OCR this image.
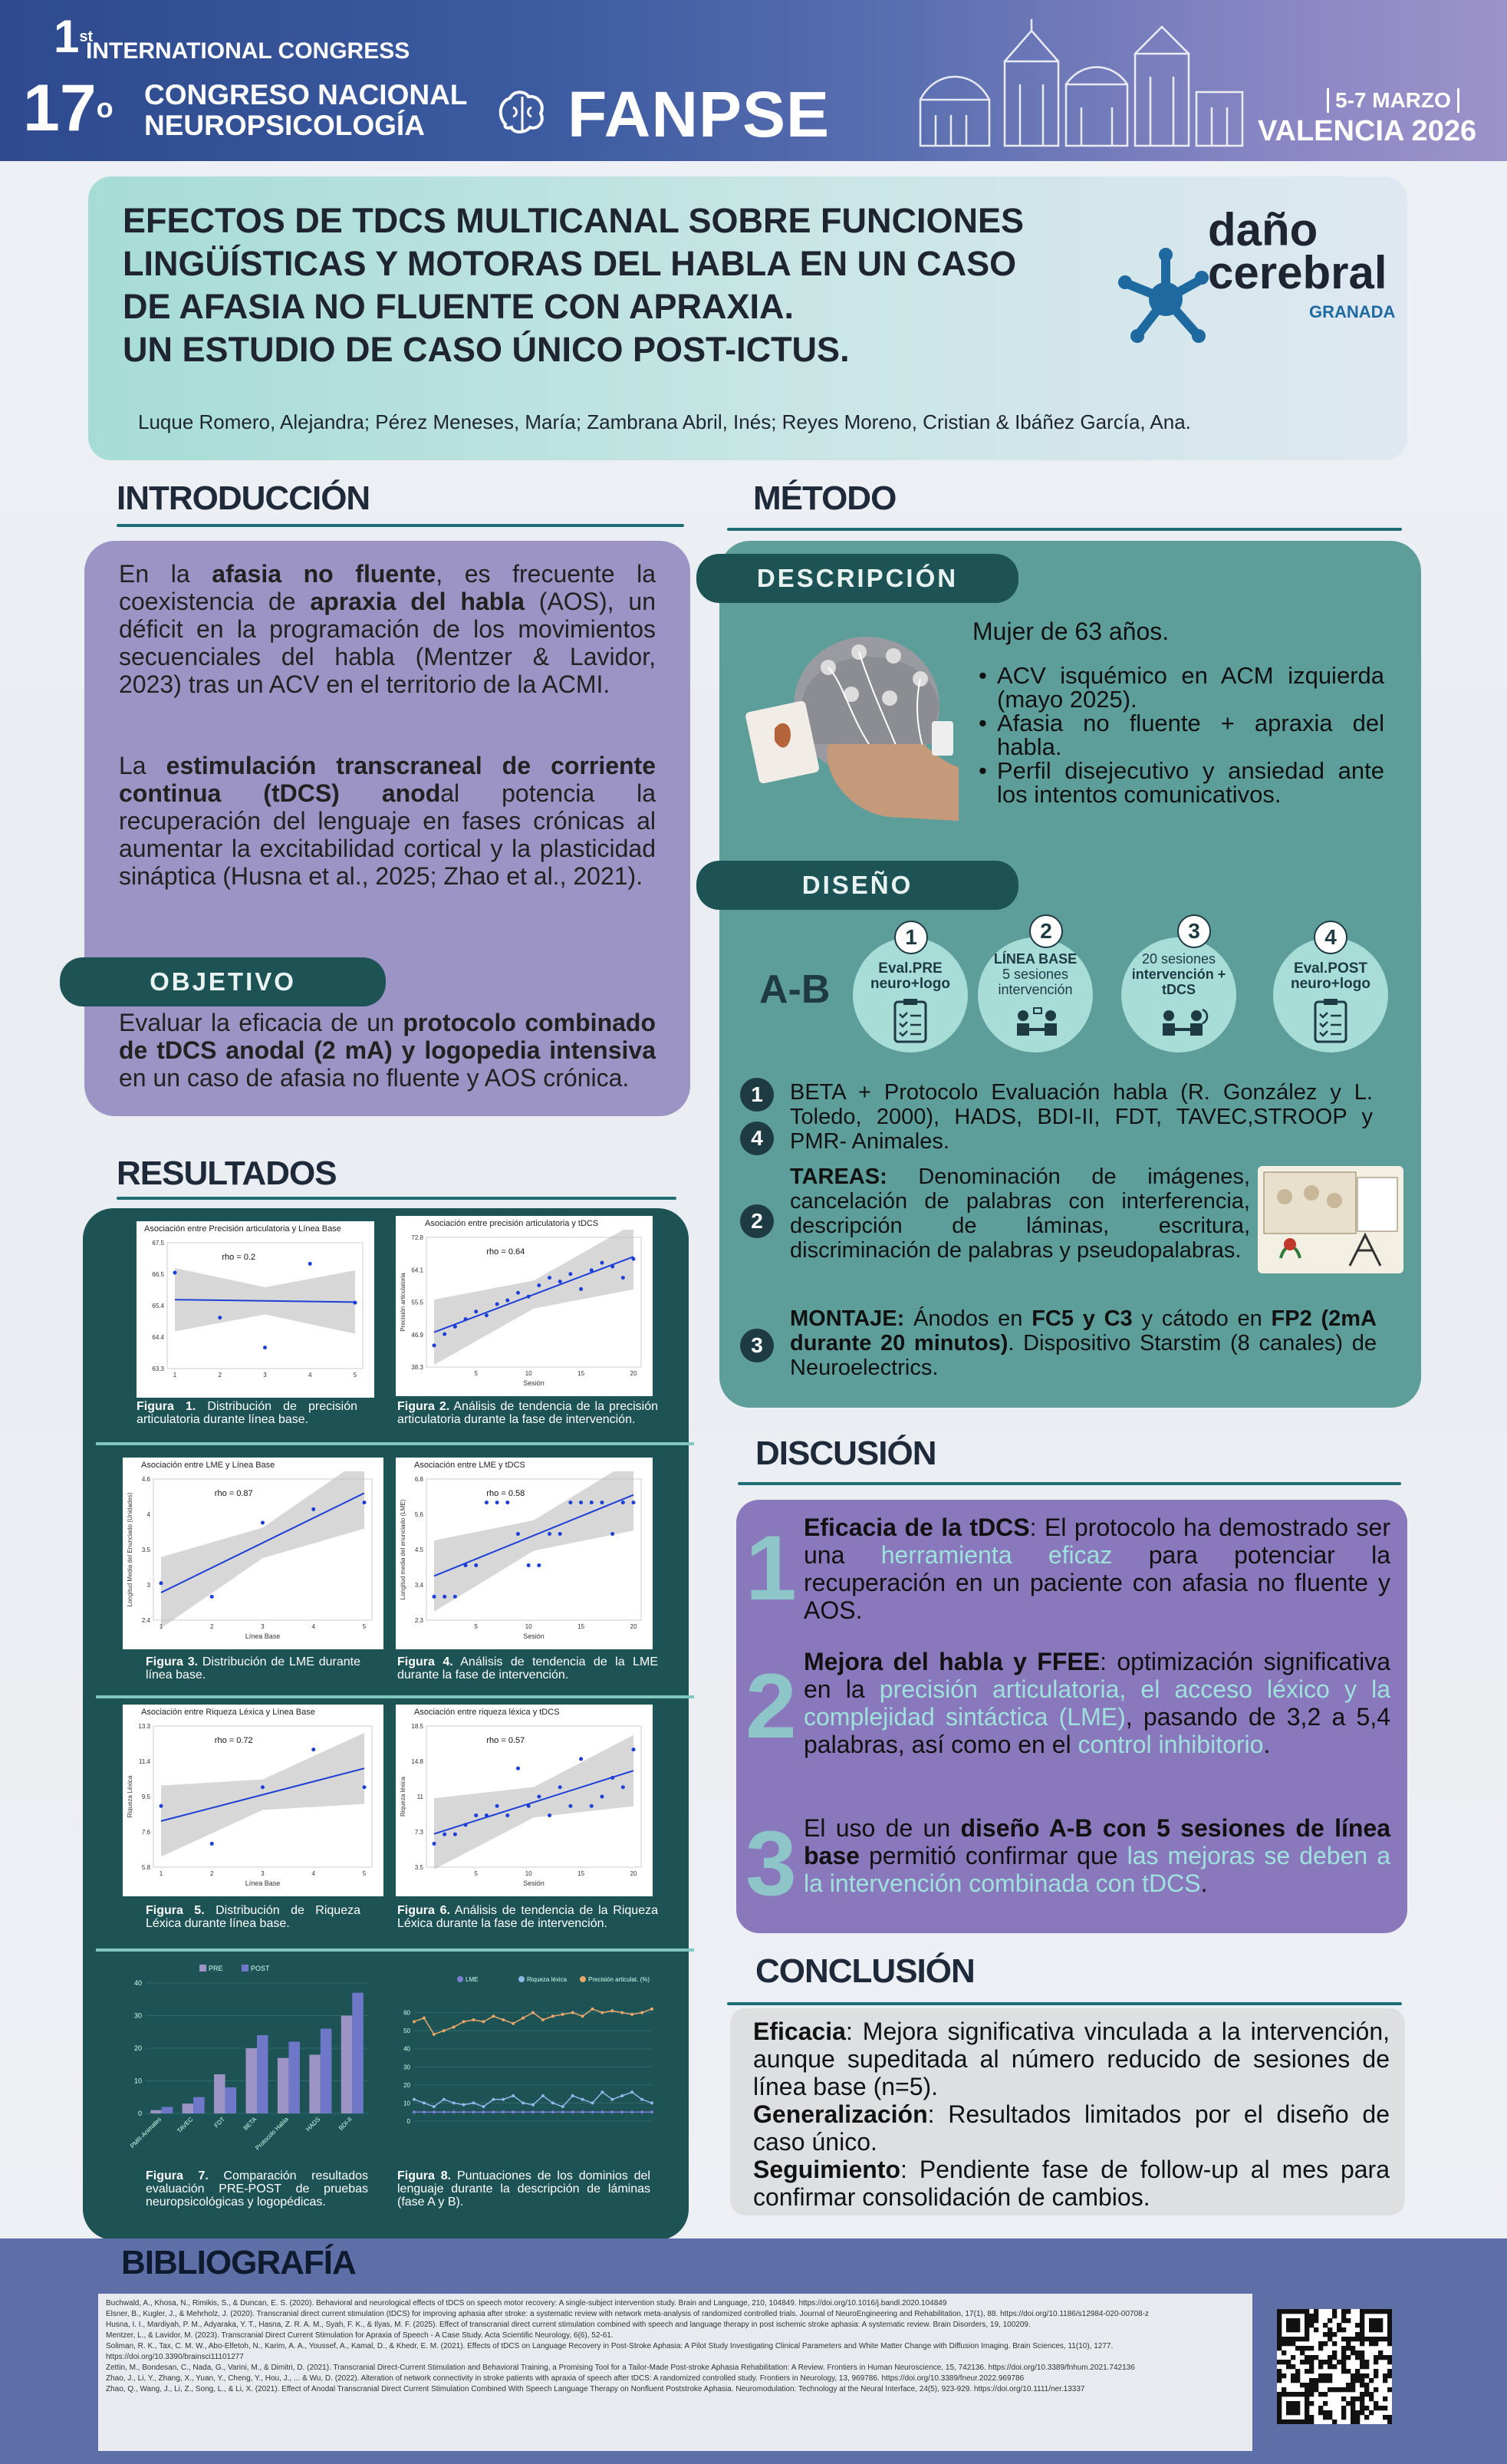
1st
INTERNATIONAL CONGRESS
17$^o$ CONGRESO NACIONAL
NEUROPSICOLOGÍA FANPSE	5-7 MARZO
VALENCIA 2026
EFECTOS DE TDCS MULTICANAL SOBRE FUNCIONES
LINGÜÍSTICAS Y MOTORAS DEL HABLA EN UN CASO
DE AFASIA NO FLUENTE CON APRAXIA.
UN ESTUDIO DE CASO ÚNICO POST-ICTUS.
Luque Romero, Alejandra; Pérez Meneses, María; Zambrana Abril, Inés; Reyes Moreno, Cristian & Ibáñez García, Ana.
daño
cerebral
GRANADA
INTRODUCCIÓN
En la afasia no fluente, es frecuente la coexistencia de apraxia del habla (AOS), un déficit en la programación de los movimientos secuenciales del habla (Mentzer & Lavidor, 2023) tras un ACV en el territorio de la ACMI.
La estimulación transcraneal de corriente continua (tDCS) anodal potencia la recuperación del lenguaje en fases crónicas al aumentar la excitabilidad cortical y la plasticidad sináptica (Husna et al., 2025; Zhao et al., 2021).
Evaluar la eficacia de un protocolo combinado de tDCS anodal (2 mA) y logopedia intensiva en un caso de afasia no fluente y AOS crónica.
OBJETIVO
MÉTODO
DESCRIPCIÓN
Mujer de 63 años.
• ACV isquémico en ACM izquierda (mayo 2025).
• Afasia no fluente + apraxia del habla.
• Perfil disejecutivo y ansiedad ante los intentos comunicativos.
DISEÑO
A-B
1	2	3	4
Eval.PRE
neuro+logo
LÍNEA BASE
5 sesiones intervención
20 sesiones
intervención + tDCS
Eval.POST
neuro+logo
1
4
BETA + Protocolo Evaluación habla (R. González y L. Toledo, 2000), HADS, BDI-II, FDT, TAVEC,STROOP y PMR- Animales.
2
TAREAS: Denominación de imágenes, cancelación de palabras con interferencia, descripción de láminas, escritura, discriminación de palabras y pseudopalabras.
3
MONTAJE: Ánodos en FC5 y C3 y cátodo en FP2 (2mA durante 20 minutos). Dispositivo Starstim (8 canales) de Neuroelectrics.
RESULTADOS
Asociación entre Precisión articulatoria y Línea Base
63.3
64.4
65.4
66.5
67.5
1	2	3	4	5
rho = 0.2
Asociación entre precisión articulatoria y tDCS
38.3
46.9
55.5
64.1
72.8
5	10	15	20
Sesión
Precisión articulatoria
rho = 0.64
Figura 1. Distribución de precisión articulatoria durante línea base.
Figura 2. Análisis de tendencia de la precisión articulatoria durante la fase de intervención.
Asociación entre LME y Línea Base
2.4
3
3.5
4
4.6
1	2	3	4	5
Línea Base
Longitud Media del Enunciado (Unidades)	rho = 0.87
Asociación entre LME y tDCS
2.3
3.4
4.5
5.6
6.8
5	10	15	20
Sesión
Longitud media del enunciado (LME)
rho = 0.58
Figura 3. Distribución de LME durante línea base.
Figura 4. Análisis de tendencia de la LME durante la fase de intervención.
Asociación entre Riqueza Léxica y Línea Base
5.8
7.6
9.5
11.4
13.3
1	2	3	4	5
Línea Base
Riqueza Léxica
rho = 0.72
Asociación entre riqueza léxica y tDCS
3.5
7.3
11
14.8
18.5
5	10	15	20
Sesión
Riqueza léxica
rho = 0.57
Figura 5. Distribución de Riqueza Léxica durante línea base.
Figura 6. Análisis de tendencia de la Riqueza Léxica durante la fase de intervención.
0
10
20
30
40
PRE	POST
PMR-Animales TAVEC	FDT	BETA
Protocolo Habla HADS	BDI-II	0
10
20
30
40
50
60
LME	Riqueza léxica	Precisión articulat. (%)
Figura 7. Comparación resultados evaluación PRE-POST de pruebas neuropsicológicas y logopédicas.
Figura 8. Puntuaciones de los dominios del lenguaje durante la descripción de láminas (fase A y B).
DISCUSIÓN
1 Eficacia de la tDCS: El protocolo ha demostrado ser una herramienta eficaz para potenciar la recuperación en un paciente con afasia no fluente y AOS.
2 Mejora del habla y FFEE: optimización significativa en la precisión articulatoria, el acceso léxico y la complejidad sintáctica (LME), pasando de 3,2 a 5,4 palabras, así como en el control inhibitorio.
3 El uso de un diseño A-B con 5 sesiones de línea base permitió confirmar que las mejoras se deben a la intervención combinada con tDCS.
CONCLUSIÓN
Eficacia: Mejora significativa vinculada a la intervención, aunque supeditada al número reducido de sesiones de línea base (n=5).
Generalización: Resultados limitados por el diseño de caso único.
Seguimiento: Pendiente fase de follow-up al mes para confirmar consolidación de cambios.
BIBLIOGRAFÍA

Buchwald, A., Khosa, N., Rimikis, S., & Duncan, E. S. (2020). Behavioral and neurological effects of tDCS on speech motor recovery: A single-subject intervention study. Brain and Language, 210, 104849. https://doi.org/10.1016/j.bandl.2020.104849

Elsner, B., Kugler, J., & Mehrholz, J. (2020). Transcranial direct current stimulation (tDCS) for improving aphasia after stroke: a systematic review with network meta-analysis of randomized controlled trials. Journal of NeuroEngineering and Rehabilitation, 17(1), 88. https://doi.org/10.1186/s12984-020-00708-z

Husna, I. I., Mardiyah, P. M., Adyaraka, Y. T., Hasna, Z. R. A. M., Syah, F. K., & Ilyas, M. F. (2025). Effect of transcranial direct current stimulation combined with speech and language therapy in post ischemic stroke aphasia: A systematic review. Brain Disorders, 19, 100209.

Mentzer, L., & Lavidor, M. (2023). Transcranial Direct Current Stimulation for Apraxia of Speech - A Case Study. Acta Scientific Neurology, 6(6), 52-61.

Soliman, R. K., Tax, C. M. W., Abo-Elfetoh, N., Karim, A. A., Youssef, A., Kamal, D., & Khedr, E. M. (2021). Effects of tDCS on Language Recovery in Post-Stroke Aphasia: A Pilot Study Investigating Clinical Parameters and White Matter Change with Diffusion Imaging. Brain Sciences, 11(10), 1277. https://doi.org/10.3390/brainsci11101277

Zettin, M., Bondesan, C., Nada, G., Varini, M., & Dimitri, D. (2021). Transcranial Direct-Current Stimulation and Behavioral Training, a Promising Tool for a Tailor-Made Post-stroke Aphasia Rehabilitation: A Review. Frontiers in Human Neuroscience, 15, 742136. https://doi.org/10.3389/fnhum.2021.742136

Zhao, J., Li, Y., Zhang, X., Yuan, Y., Cheng, Y., Hou, J., ... & Wu, D. (2022). Alteration of network connectivity in stroke patients with apraxia of speech after tDCS: A randomized controlled study. Frontiers in Neurology, 13, 969786. https://doi.org/10.3389/fneur.2022.969786

Zhao, Q., Wang, J., Li, Z., Song, L., & Li, X. (2021). Effect of Anodal Transcranial Direct Current Stimulation Combined With Speech Language Therapy on Nonfluent Poststroke Aphasia. Neuromodulation: Technology at the Neural Interface, 24(5), 923-929. https://doi.org/10.1111/ner.13337
